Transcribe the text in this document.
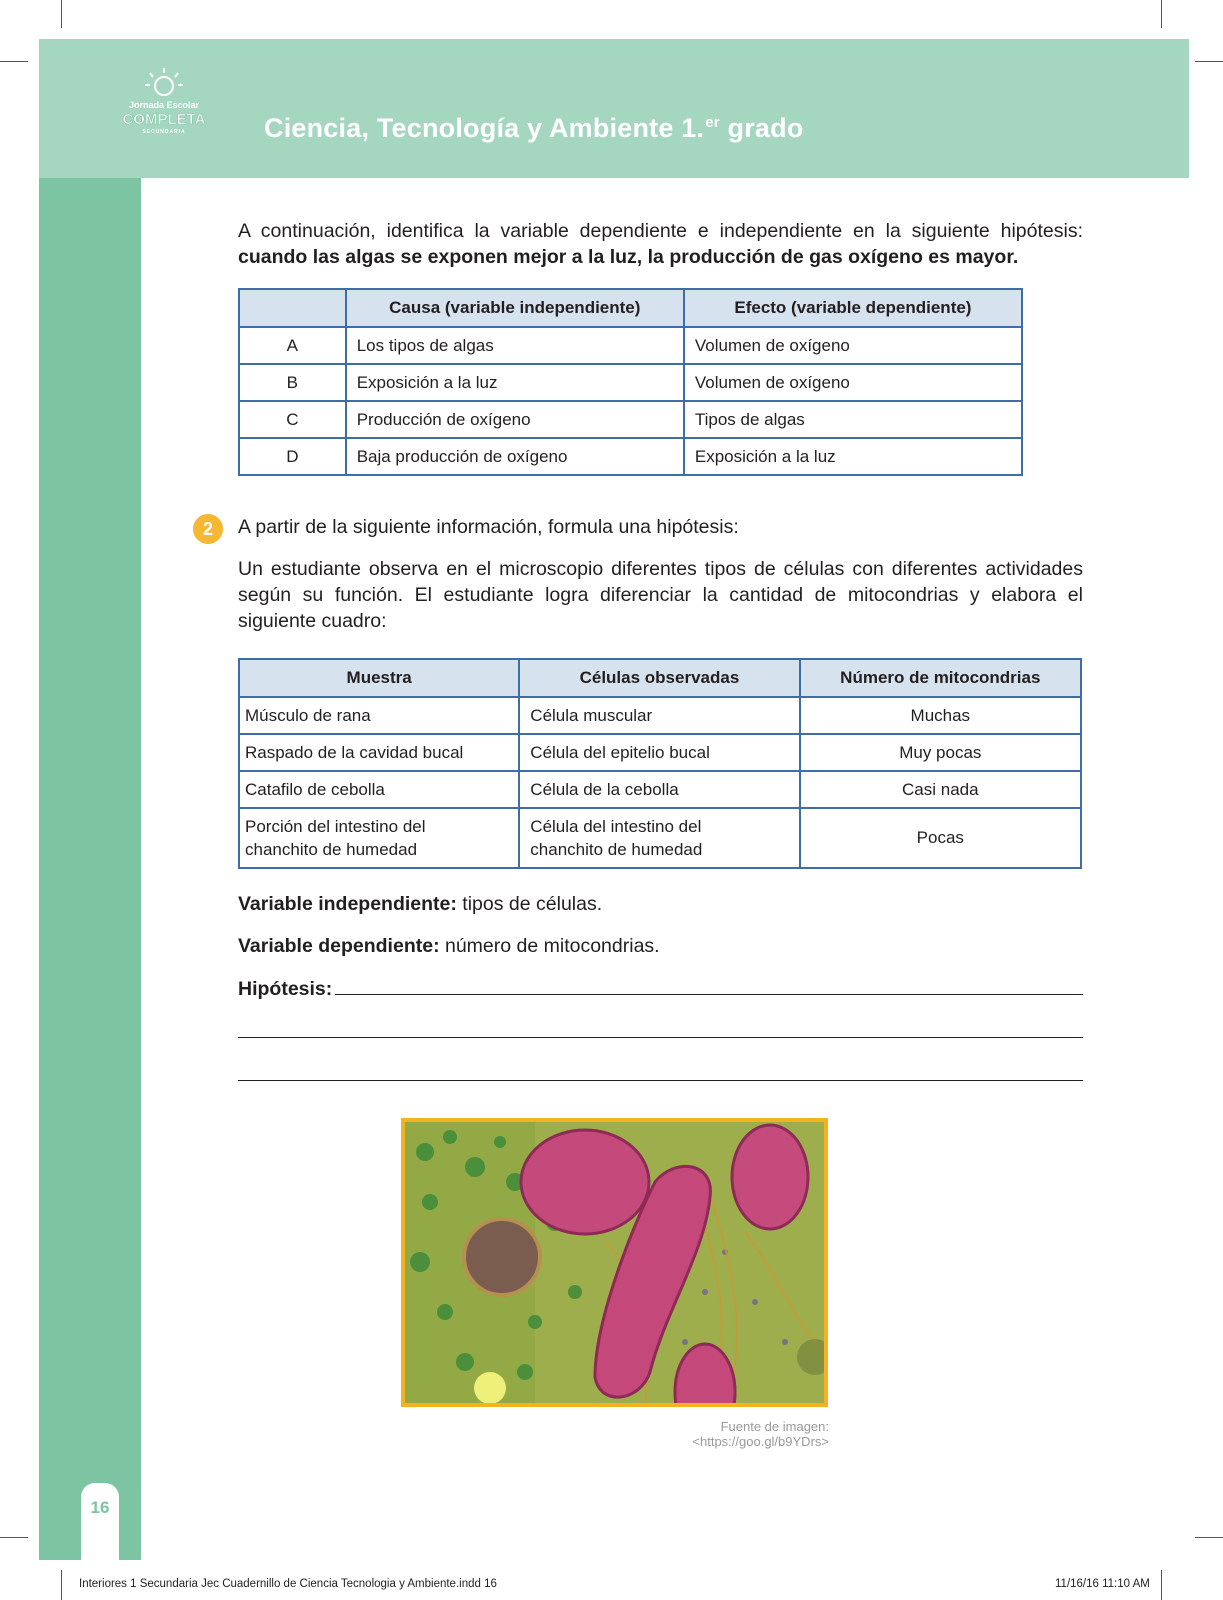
Jornada Escolar
COMPLETA
SECUNDARIA	Ciencia, Tecnología y Ambiente 1.$^{er}$ grado
16
A continuación, identifica la variable dependiente e independiente en la siguiente hipótesis: cuando las algas se exponen mejor a la luz, la producción de gas oxígeno es mayor.
	Causa (variable independiente)	Efecto (variable dependiente)
A	Los tipos de algas	Volumen de oxígeno
B	Exposición a la luz	Volumen de oxígeno
C	Producción de oxígeno	Tipos de algas
D	Baja producción de oxígeno	Exposición a la luz
2	A partir de la siguiente información, formula una hipótesis:
Un estudiante observa en el microscopio diferentes tipos de células con diferentes actividades según su función. El estudiante logra diferenciar la cantidad de mitocondrias y elabora el siguiente cuadro:
Muestra	Células observadas	Número de mitocondrias
Músculo de rana	Célula muscular	Muchas
Raspado de la cavidad bucal	Célula del epitelio bucal	Muy pocas
Catafilo de cebolla	Célula de la cebolla	Casi nada
Porción del intestino del chanchito de humedad	Célula del intestino del chanchito de humedad	Pocas
Variable independiente: tipos de células.
Variable dependiente: número de mitocondrias.
Hipótesis:
Fuente de imagen: <https://goo.gl/b9YDrs>
Interiores 1 Secundaria Jec Cuadernillo de Ciencia Tecnologia y Ambiente.indd 16	11/16/16 11:10 AM
